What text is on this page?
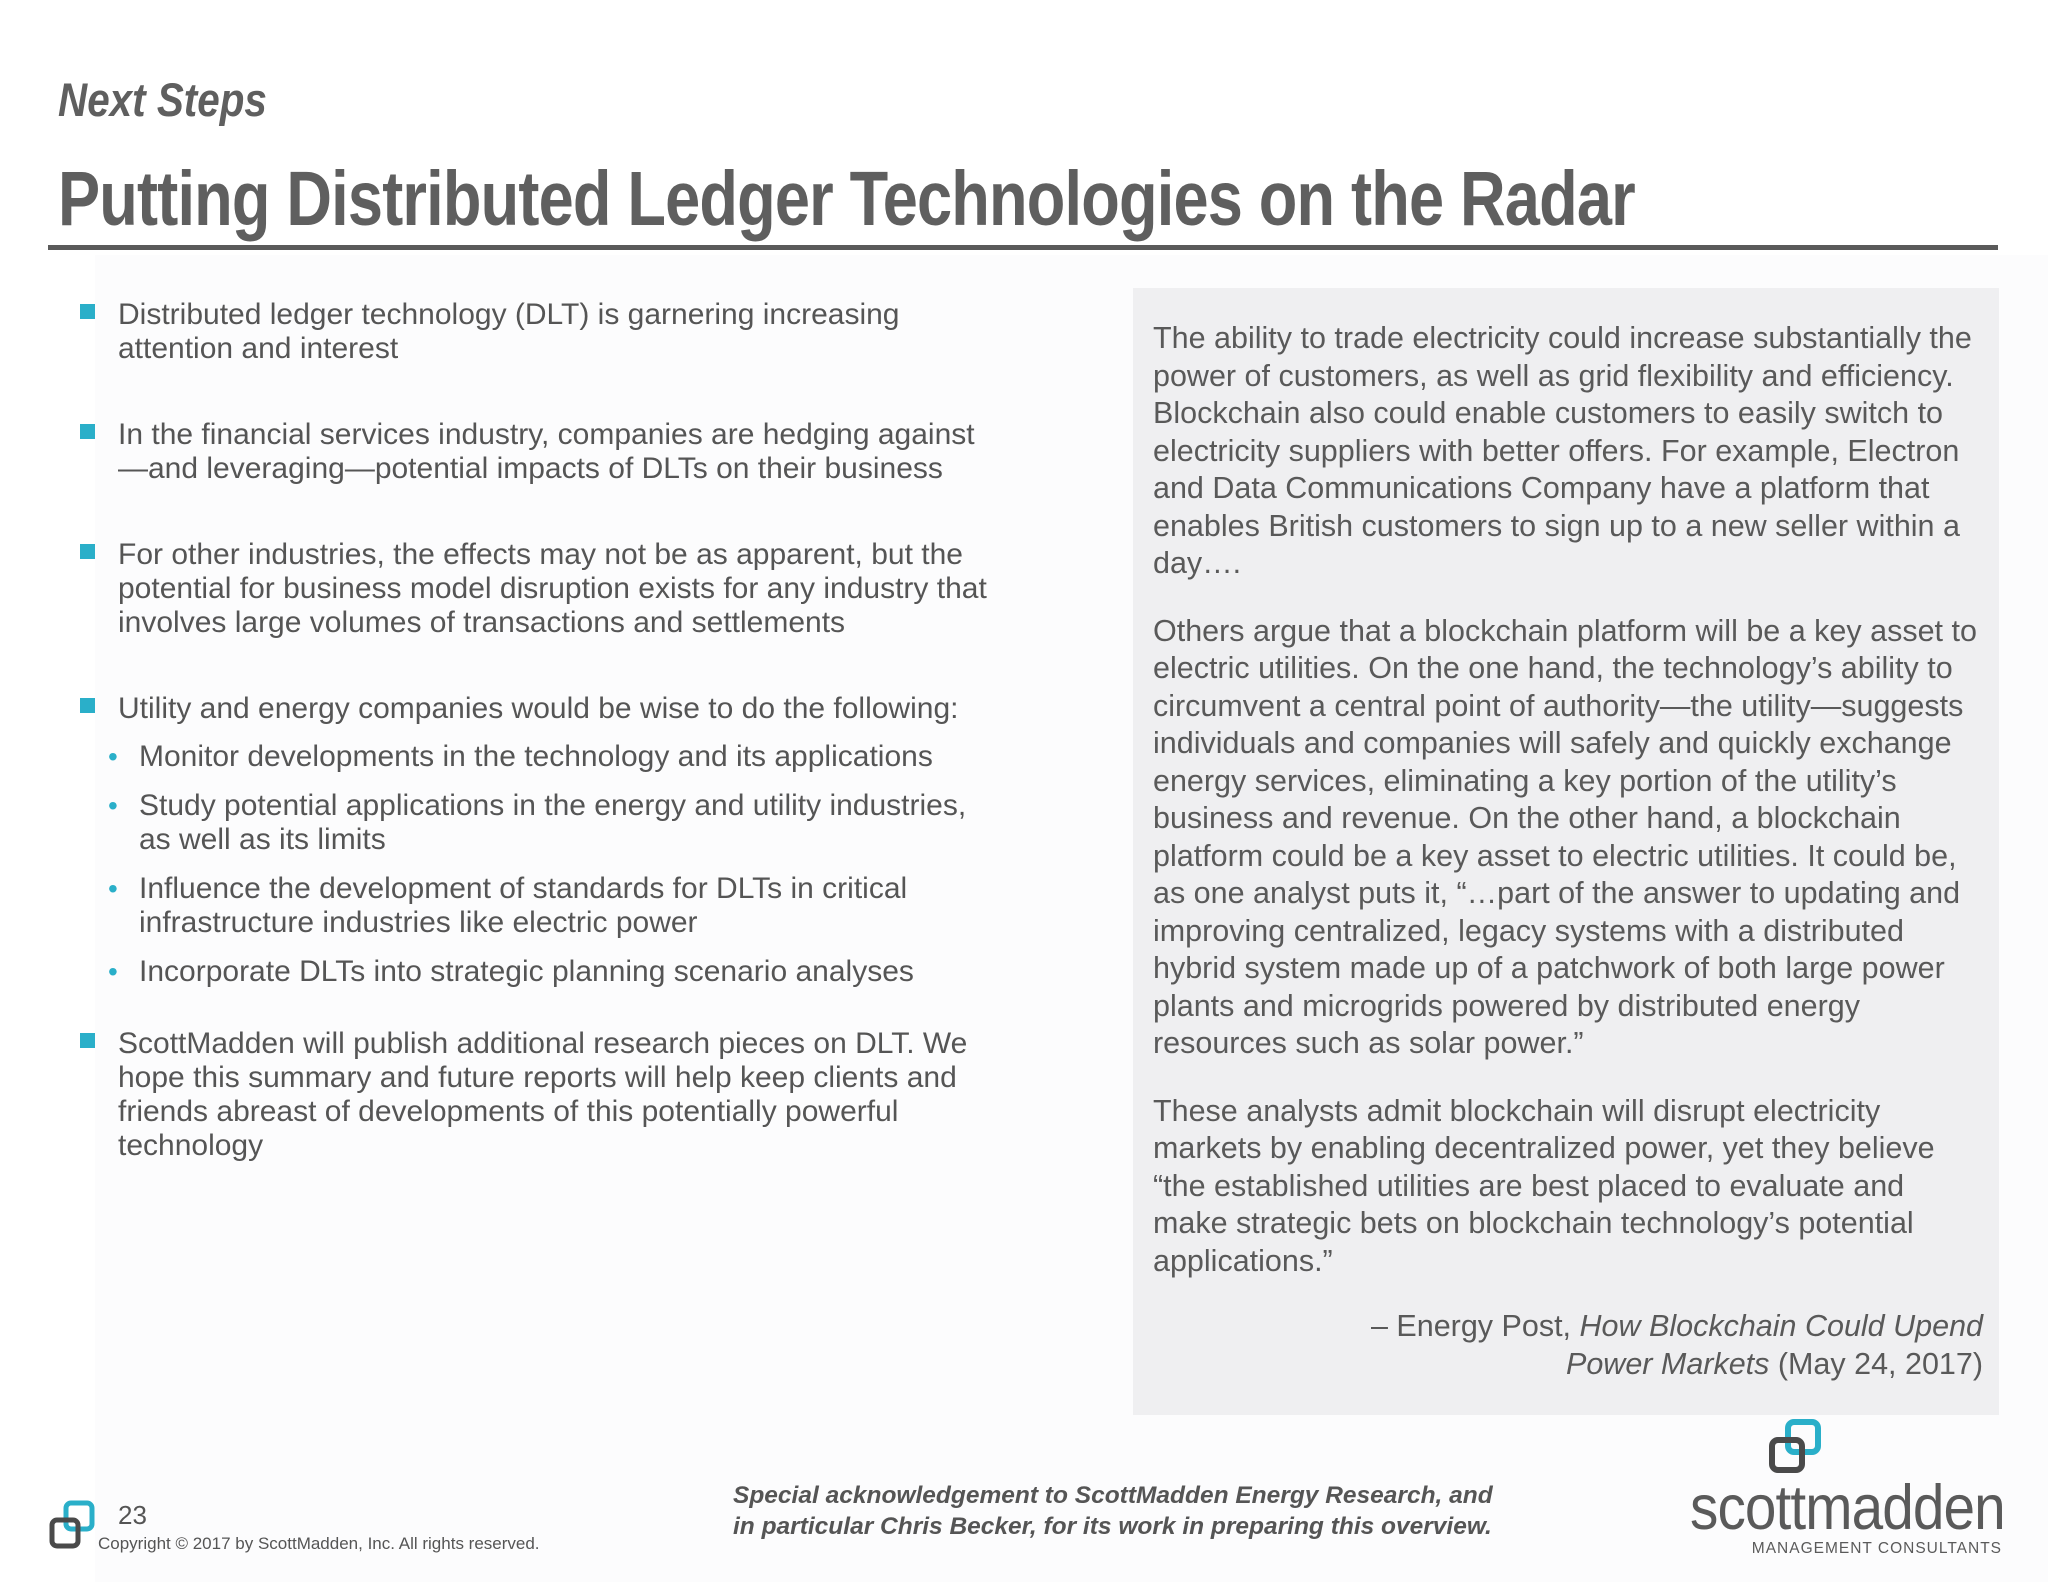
Next Steps
Putting Distributed Ledger Technologies on the Radar
Distributed ledger technology (DLT) is garnering increasing attention and interest
In the financial services industry, companies are hedging against—and leveraging—potential impacts of DLTs on their business
For other industries, the effects may not be as apparent, but the potential for business model disruption exists for any industry that involves large volumes of transactions and settlements
Utility and energy companies would be wise to do the following:
• Monitor developments in the technology and its applications
• Study potential applications in the energy and utility industries, as well as its limits
• Influence the development of standards for DLTs in critical infrastructure industries like electric power
• Incorporate DLTs into strategic planning scenario analyses
ScottMadden will publish additional research pieces on DLT. We hope this summary and future reports will help keep clients and friends abreast of developments of this potentially powerful technology

The ability to trade electricity could increase substantially the power of customers, as well as grid flexibility and efficiency. Blockchain also could enable customers to easily switch to electricity suppliers with better offers. For example, Electron and Data Communications Company have a platform that enables British customers to sign up to a new seller within a day….

Others argue that a blockchain platform will be a key asset to electric utilities. On the one hand, the technology’s ability to circumvent a central point of authority—the utility—suggests individuals and companies will safely and quickly exchange energy services, eliminating a key portion of the utility’s business and revenue. On the other hand, a blockchain platform could be a key asset to electric utilities. It could be, as one analyst puts it, “…part of the answer to updating and improving centralized, legacy systems with a distributed hybrid system made up of a patchwork of both large power plants and microgrids powered by distributed energy resources such as solar power.”

These analysts admit blockchain will disrupt electricity markets by enabling decentralized power, yet they believe “the established utilities are best placed to evaluate and make strategic bets on blockchain technology’s potential applications.”

– Energy Post, How Blockchain Could Upend
Power Markets (May 24, 2017)
Special acknowledgement to ScottMadden Energy Research, and
in particular Chris Becker, for its work in preparing this overview.
23
Copyright © 2017 by ScottMadden, Inc. All rights reserved.
scottmadden
MANAGEMENT CONSULTANTS
